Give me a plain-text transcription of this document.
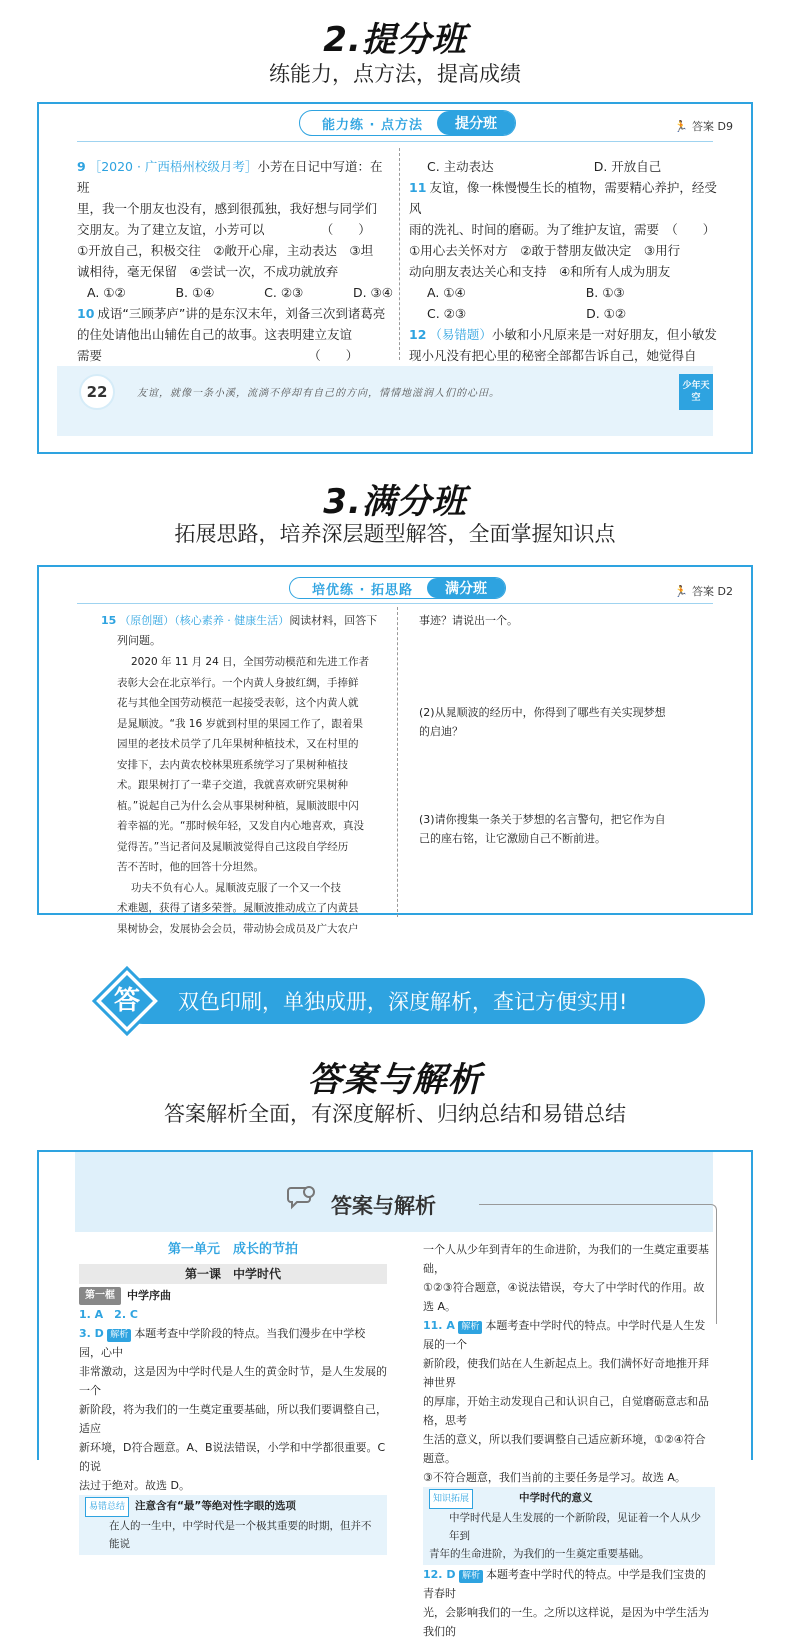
2.提分班
练能力，点方法，提高成绩
能力练 · 点方法	提分班	🏃 答案 D9
9 ［2020 · 广西梧州校级月考］小芳在日记中写道：在班
里，我一个朋友也没有，感到很孤独，我好想与同学们
交朋友。为了建立友谊，小芳可以　　　　　（　　）
①开放自己，积极交往　②敞开心扉，主动表达　③坦
诚相待，毫无保留　④尝试一次，不成功就放弃
A. ①②	B. ①④	C. ②③	D. ③④
10 成语“三顾茅庐”讲的是东汉末年，刘备三次到诸葛亮
的住处请他出山辅佐自己的故事。这表明建立友谊
需要　　　　　　　　　　　　　　　　　（　　）
C. 主动表达	D. 开放自己
11 友谊，像一株慢慢生长的植物，需要精心养护，经受风
雨的洗礼、时间的磨砺。为了维护友谊，需要　（　　）
①用心去关怀对方　②敢于替朋友做决定　③用行
动向朋友表达关心和支持　④和所有人成为朋友
A. ①④	B. ①③
C. ②③	D. ①②
12 （易错题）小敏和小凡原来是一对好朋友，但小敏发
现小凡没有把心里的秘密全部都告诉自己，她觉得自
22	友谊，就像一条小溪，流淌不停却有自己的方向，情情地滋润人们的心田。
少年天空
3.满分班
拓展思路，培养深层题型解答，全面掌握知识点
培优练 · 拓思路	满分班	🏃 答案 D2
15 （原创题）（核心素养 · 健康生活）阅读材料，回答下
列问题。
2020 年 11 月 24 日，全国劳动模范和先进工作者
表彰大会在北京举行。一个内黄人身披红绸，手捧鲜
花与其他全国劳动模范一起接受表彰，这个内黄人就
是晁顺波。“我 16 岁就到村里的果园工作了，跟着果
园里的老技术员学了几年果树种植技术，又在村里的
安排下，去内黄农校林果班系统学习了果树种植技
术。跟果树打了一辈子交道，我就喜欢研究果树种
植。”说起自己为什么会从事果树种植，晁顺波眼中闪
着幸福的光。“那时候年轻，又发自内心地喜欢，真没
觉得苦。”当记者问及晁顺波觉得自己这段自学经历
苦不苦时，他的回答十分坦然。
功夫不负有心人。晁顺波克服了一个又一个技
术难题，获得了诸多荣誉。晁顺波推动成立了内黄县
果树协会，发展协会会员，带动协会成员及广大农户
事迹？请说出一个。
(2)从晁顺波的经历中，你得到了哪些有关实现梦想
的启迪？
(3)请你搜集一条关于梦想的名言警句，把它作为自
己的座右铭，让它激励自己不断前进。
双色印刷，单独成册，深度解析，查记方便实用!
答
答案与解析
答案解析全面，有深度解析、归纳总结和易错总结
答案与解析
第一单元　成长的节拍
第一课　中学时代
第一框	中学序曲
1. A　2. C
3. D 解析 本题考查中学阶段的特点。当我们漫步在中学校园，心中
非常激动，这是因为中学时代是人生的黄金时节，是人生发展的一个
新阶段，将为我们的一生奠定重要基础，所以我们要调整自己，适应
新环境，D符合题意。A、B说法错误，小学和中学都很重要。C 的说
法过于绝对。故选 D。
易错总结 注意含有“最”等绝对性字眼的选项
在人的一生中，中学时代是一个极其重要的时期，但并不能说
一个人从少年到青年的生命进阶，为我们的一生奠定重要基础，
①②③符合题意，④说法错误，夸大了中学时代的作用。故选 A。
11. A 解析 本题考查中学时代的特点。中学时代是人生发展的一个
新阶段，使我们站在人生新起点上。我们满怀好奇地推开拜神世界
的厚扉，开始主动发现自己和认识自己，自觉磨砺意志和品格，思考
生活的意义，所以我们要调整自己适应新环境，①②④符合题意。
③不符合题意，我们当前的主要任务是学习。故选 A。
知识拓展	中学时代的意义
中学时代是人生发展的一个新阶段，见证着一个人从少年到
青年的生命进阶，为我们的一生奠定重要基础。
12. D 解析 本题考查中学时代的特点。中学是我们宝贵的青春时
光，会影响我们的一生。之所以这样说，是因为中学生活为我们的
